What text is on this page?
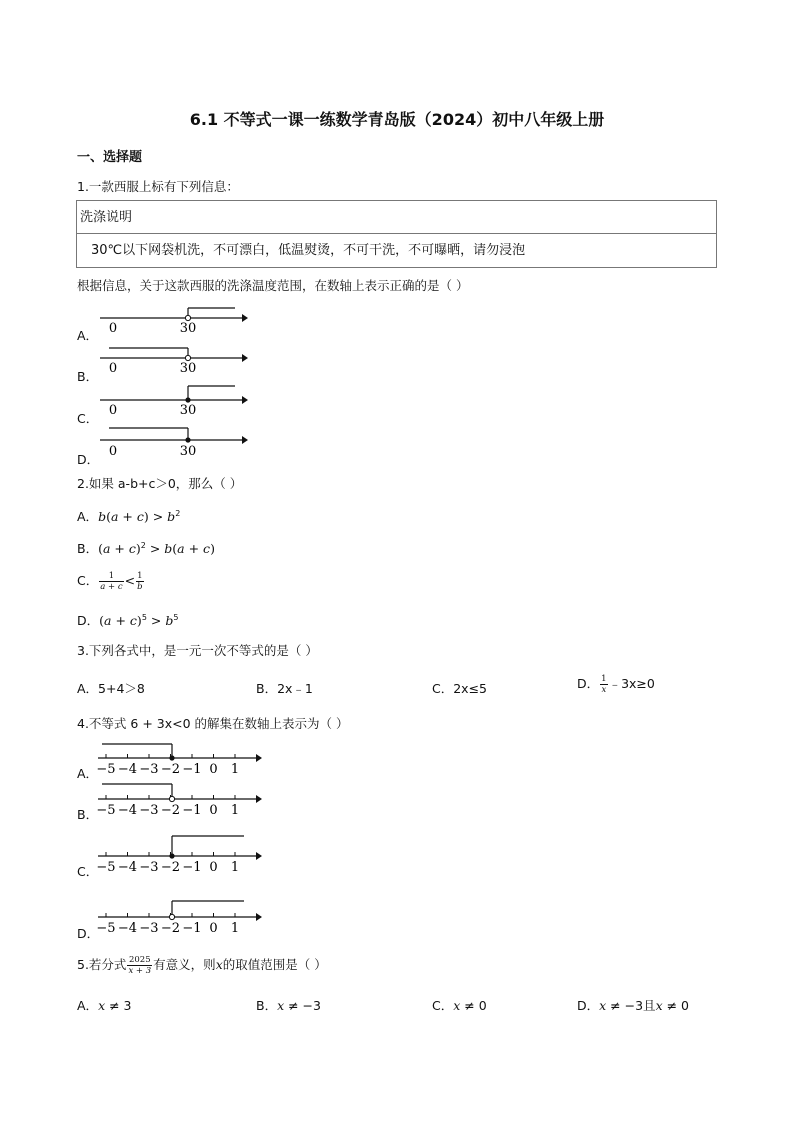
6.1 不等式一课一练数学青岛版（2024）初中八年级上册
一、选择题
1.一款西服上标有下列信息：
洗涤说明
30℃以下网袋机洗，不可漂白，低温熨烫，不可干洗，不可曝晒，请勿浸泡
根据信息，关于这款西服的洗涤温度范围，在数轴上表示正确的是（ ）
A． 0	30
B．
0	30
C．
0	30
D．
0	30
2.如果 a-b+c＞0，那么（ ）
A．$b(a + c) > b^2$
B．$(a + c)^2 > b(a + c)$
C． $\frac{1}{a + c} < \frac{1}{b}$
D．$(a + c)^5 > b^5$
3.下列各式中，是一元一次不等式的是（ ）
A．5+4＞8	B．2x﹣1	C．2x≤5	D． $\frac{1}{x}$ ﹣3x≥0
4.不等式 6 + 3x<0 的解集在数轴上表示为（ ）
A．
−5 −4 −3 −2 −1 0 1
B．
−5 −4 −3 −2 −1 0 1
C．
−5 −4 −3 −2 −1 0 1
D．
−5 −4 −3 −2 −1 0 1
5.若分式 $\frac{2025}{x + 3}$ 有意义，则x的取值范围是（ ）
A．x ≠ 3	B．x ≠ −3	C．x ≠ 0	D．x ≠ −3且x ≠ 0
